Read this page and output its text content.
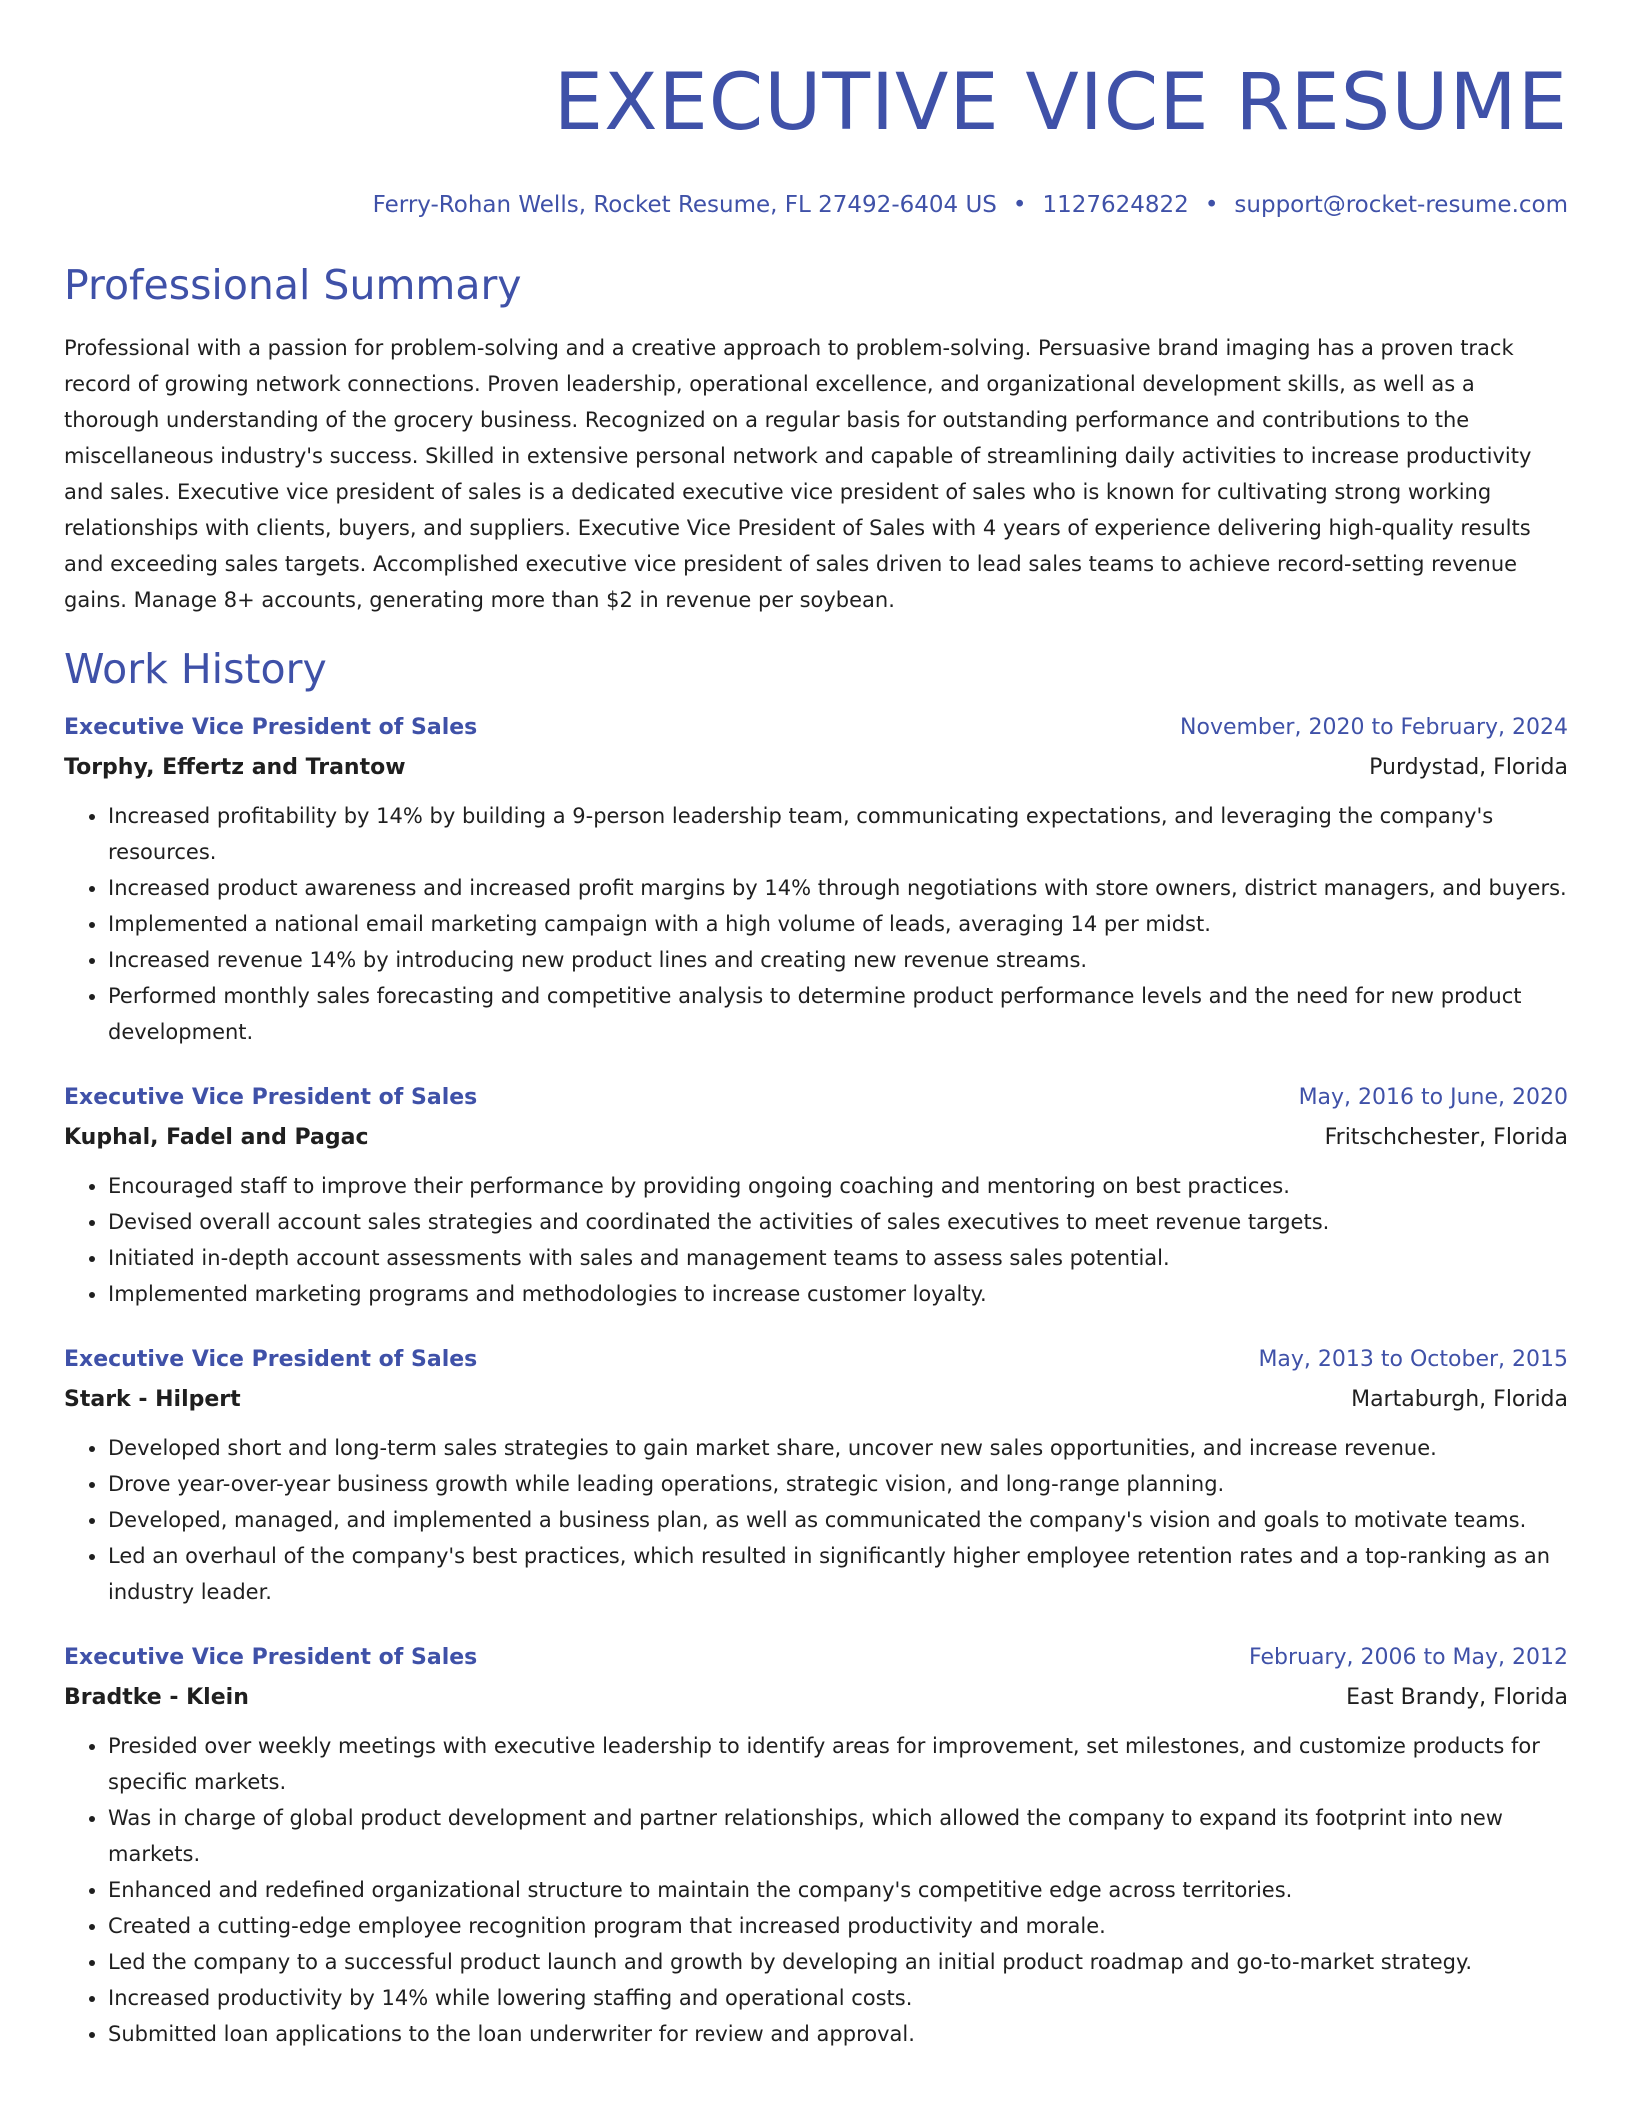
EXECUTIVE VICE RESUME
Ferry-Rohan Wells, Rocket Resume, FL 27492-6404 US • 1127624822 • support@rocket-resume.com
Professional Summary

Professional with a passion for problem-solving and a creative approach to problem-solving. Persuasive brand imaging has a proven track record of growing network connections. Proven leadership, operational excellence, and organizational development skills, as well as a thorough understanding of the grocery business. Recognized on a regular basis for outstanding performance and contributions to the miscellaneous industry's success. Skilled in extensive personal network and capable of streamlining daily activities to increase productivity and sales. Executive vice president of sales is a dedicated executive vice president of sales who is known for cultivating strong working relationships with clients, buyers, and suppliers. Executive Vice President of Sales with 4 years of experience delivering high-quality results and exceeding sales targets. Accomplished executive vice president of sales driven to lead sales teams to achieve record-setting revenue gains. Manage 8+ accounts, generating more than $2 in revenue per soybean.

Work History
Executive Vice President of Sales	November, 2020 to February, 2024
Torphy, Effertz and Trantow	Purdystad, Florida
• Increased profitability by 14% by building a 9-person leadership team, communicating expectations, and leveraging the company's resources.
• Increased product awareness and increased profit margins by 14% through negotiations with store owners, district managers, and buyers.
• Implemented a national email marketing campaign with a high volume of leads, averaging 14 per midst.
• Increased revenue 14% by introducing new product lines and creating new revenue streams.
• Performed monthly sales forecasting and competitive analysis to determine product performance levels and the need for new product development.
Executive Vice President of Sales	May, 2016 to June, 2020
Kuphal, Fadel and Pagac	Fritschchester, Florida
• Encouraged staff to improve their performance by providing ongoing coaching and mentoring on best practices.
• Devised overall account sales strategies and coordinated the activities of sales executives to meet revenue targets.
• Initiated in-depth account assessments with sales and management teams to assess sales potential.
• Implemented marketing programs and methodologies to increase customer loyalty.
Executive Vice President of Sales	May, 2013 to October, 2015
Stark - Hilpert	Martaburgh, Florida
• Developed short and long-term sales strategies to gain market share, uncover new sales opportunities, and increase revenue.
• Drove year-over-year business growth while leading operations, strategic vision, and long-range planning.
• Developed, managed, and implemented a business plan, as well as communicated the company's vision and goals to motivate teams.
• Led an overhaul of the company's best practices, which resulted in significantly higher employee retention rates and a top-ranking as an industry leader.
Executive Vice President of Sales	February, 2006 to May, 2012
Bradtke - Klein	East Brandy, Florida
• Presided over weekly meetings with executive leadership to identify areas for improvement, set milestones, and customize products for specific markets.
• Was in charge of global product development and partner relationships, which allowed the company to expand its footprint into new markets.
• Enhanced and redefined organizational structure to maintain the company's competitive edge across territories.
• Created a cutting-edge employee recognition program that increased productivity and morale.
• Led the company to a successful product launch and growth by developing an initial product roadmap and go-to-market strategy.
• Increased productivity by 14% while lowering staffing and operational costs.
• Submitted loan applications to the loan underwriter for review and approval.
